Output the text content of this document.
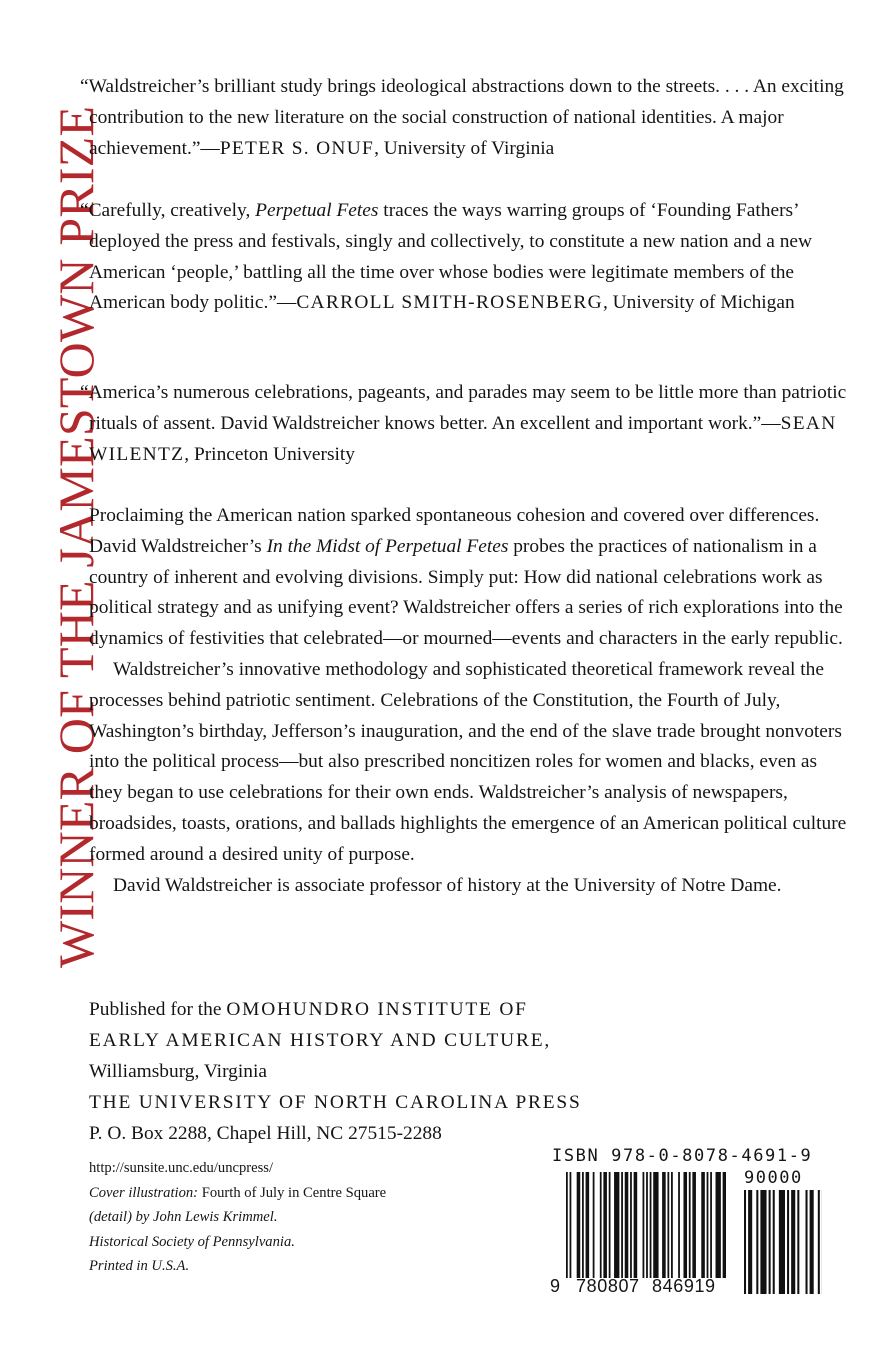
WINNER OF THE JAMESTOWN PRIZE

“Waldstreicher’s brilliant study brings ideological abstractions down to the streets. . . . An exciting contribution to the new literature on the social construction of national identities. A major achievement.”—PETER S. ONUF, University of Virginia

“Carefully, creatively, Perpetual Fetes traces the ways warring groups of ‘Founding Fathers’ deployed the press and festivals, singly and collectively, to constitute a new nation and a new American ‘people,’ battling all the time over whose bodies were legitimate members of the American body politic.”—CARROLL SMITH-ROSENBERG, University of Michigan

“America’s numerous celebrations, pageants, and parades may seem to be little more than patriotic rituals of assent. David Waldstreicher knows better. An excellent and important work.”—SEAN WILENTZ, Princeton University

Proclaiming the American nation sparked spontaneous cohesion and covered over differences. David Waldstreicher’s In the Midst of Perpetual Fetes probes the practices of nationalism in a country of inherent and evolving divisions. Simply put: How did national celebrations work as political strategy and as unifying event? Waldstreicher offers a series of rich explorations into the dynamics of festivities that celebrated—or mourned—events and characters in the early republic.

Waldstreicher’s innovative methodology and sophisticated theoretical framework reveal the processes behind patriotic sentiment. Celebrations of the Constitution, the Fourth of July, Washington’s birthday, Jefferson’s inauguration, and the end of the slave trade brought nonvoters into the political process—but also prescribed noncitizen roles for women and blacks, even as they began to use celebrations for their own ends. Waldstreicher’s analysis of newspapers, broadsides, toasts, orations, and ballads highlights the emergence of an American political culture formed around a desired unity of purpose.

David Waldstreicher is associate professor of history at the University of Notre Dame.

Published for the OMOHUNDRO INSTITUTE OF
EARLY AMERICAN HISTORY AND CULTURE,
Williamsburg, Virginia
THE UNIVERSITY OF NORTH CAROLINA PRESS
P. O. Box 2288, Chapel Hill, NC 27515-2288
http://sunsite.unc.edu/uncpress/
Cover illustration: Fourth of July in Centre Square
(detail) by John Lewis Krimmel.
Historical Society of Pennsylvania.
Printed in U.S.A.
ISBN 978-0-8078-4691-9
90000
9 780807 846919
